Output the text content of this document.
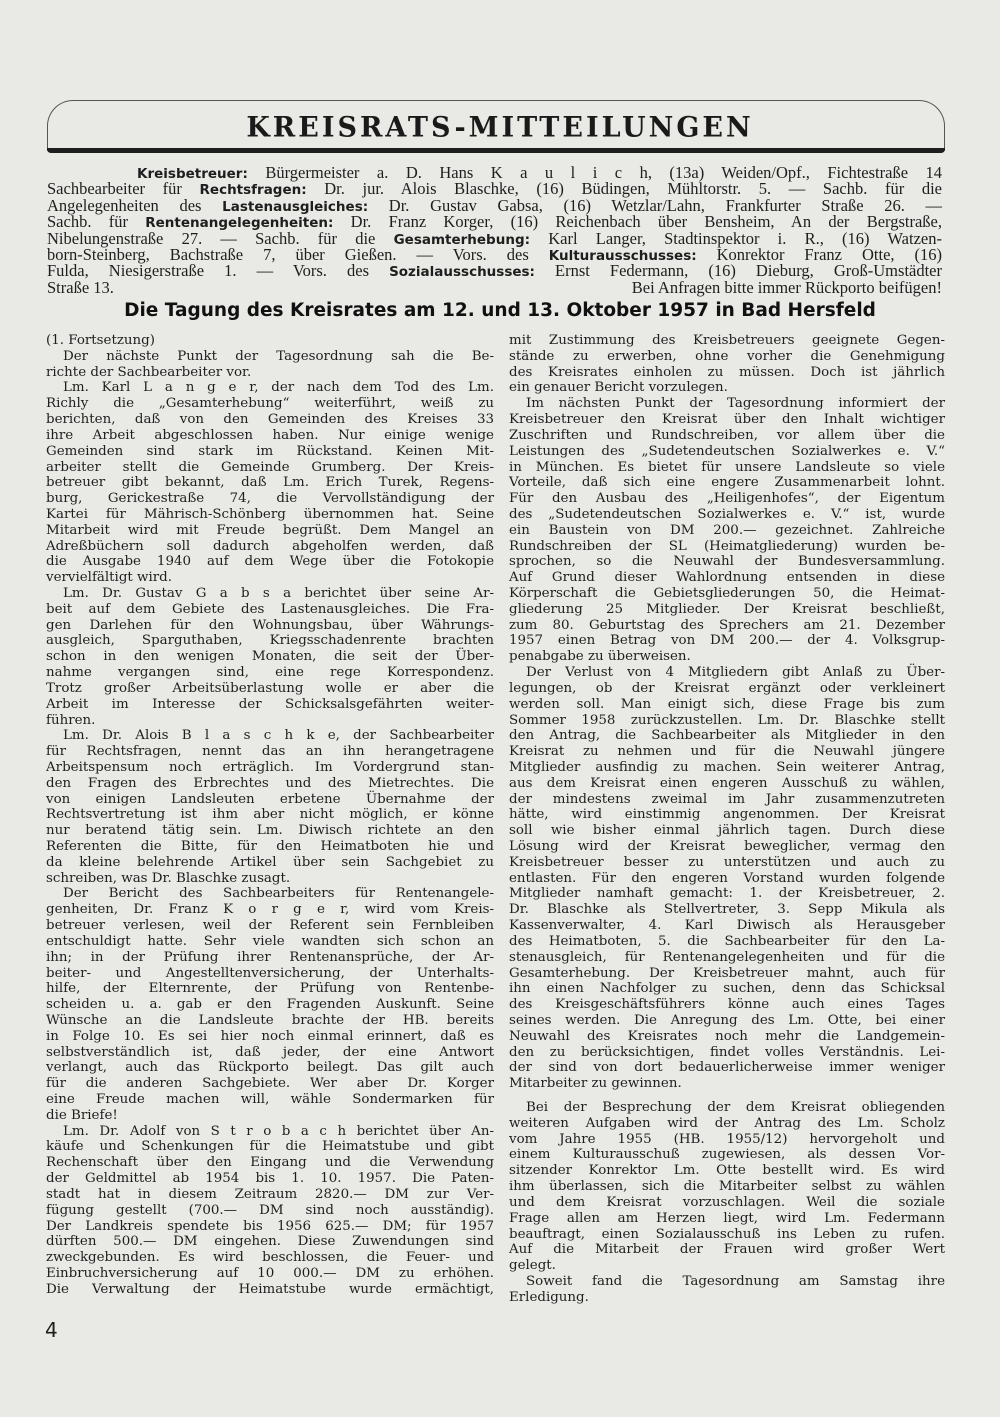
KREISRATS-MITTEILUNGEN
Kreisbetreuer: Bürgermeister a. D. Hans K a u l i c h, (13a) Weiden/Opf., Fichtestraße 14
Sachbearbeiter für Rechtsfragen: Dr. jur. Alois Blaschke, (16) Büdingen, Mühltorstr. 5. — Sachb. für die
Angelegenheiten des Lastenausgleiches: Dr. Gustav Gabsa, (16) Wetzlar/Lahn, Frankfurter Straße 26. —
Sachb. für Rentenangelegenheiten: Dr. Franz Korger, (16) Reichenbach über Bensheim, An der Bergstraße,
Nibelungenstraße 27. — Sachb. für die Gesamterhebung: Karl Langer, Stadtinspektor i. R., (16) Watzen-
born-Steinberg, Bachstraße 7, über Gießen. — Vors. des Kulturausschusses: Konrektor Franz Otte, (16)
Fulda, Niesigerstraße 1. — Vors. des Sozialausschusses: Ernst Federmann, (16) Dieburg, Groß-Umstädter
Straße 13.	Bei Anfragen bitte immer Rückporto beifügen!
Die Tagung des Kreisrates am 12. und 13. Oktober 1957 in Bad Hersfeld
(1. Fortsetzung)
Der nächste Punkt der Tagesordnung sah die Be-
richte der Sachbearbeiter vor.
Lm. Karl L a n g e r, der nach dem Tod des Lm.
Richly die „Gesamterhebung“ weiterführt, weiß zu
berichten, daß von den Gemeinden des Kreises 33
ihre Arbeit abgeschlossen haben. Nur einige wenige
Gemeinden sind stark im Rückstand. Keinen Mit-
arbeiter stellt die Gemeinde Grumberg. Der Kreis-
betreuer gibt bekannt, daß Lm. Erich Turek, Regens-
burg, Gerickestraße 74, die Vervollständigung der
Kartei für Mährisch-Schönberg übernommen hat. Seine
Mitarbeit wird mit Freude begrüßt. Dem Mangel an
Adreßbüchern soll dadurch abgeholfen werden, daß
die Ausgabe 1940 auf dem Wege über die Fotokopie
vervielfältigt wird.
Lm. Dr. Gustav G a b s a berichtet über seine Ar-
beit auf dem Gebiete des Lastenausgleiches. Die Fra-
gen Darlehen für den Wohnungsbau, über Währungs-
ausgleich, Sparguthaben, Kriegsschadenrente brachten
schon in den wenigen Monaten, die seit der Über-
nahme vergangen sind, eine rege Korrespondenz.
Trotz großer Arbeitsüberlastung wolle er aber die
Arbeit im Interesse der Schicksalsgefährten weiter-
führen.
Lm. Dr. Alois B l a s c h k e, der Sachbearbeiter
für Rechtsfragen, nennt das an ihn herangetragene
Arbeitspensum noch erträglich. Im Vordergrund stan-
den Fragen des Erbrechtes und des Mietrechtes. Die
von einigen Landsleuten erbetene Übernahme der
Rechtsvertretung ist ihm aber nicht möglich, er könne
nur beratend tätig sein. Lm. Diwisch richtete an den
Referenten die Bitte, für den Heimatboten hie und
da kleine belehrende Artikel über sein Sachgebiet zu
schreiben, was Dr. Blaschke zusagt.
Der Bericht des Sachbearbeiters für Rentenangele-
genheiten, Dr. Franz K o r g e r, wird vom Kreis-
betreuer verlesen, weil der Referent sein Fernbleiben
entschuldigt hatte. Sehr viele wandten sich schon an
ihn; in der Prüfung ihrer Rentenansprüche, der Ar-
beiter- und Angestelltenversicherung, der Unterhalts-
hilfe, der Elternrente, der Prüfung von Rentenbe-
scheiden u. a. gab er den Fragenden Auskunft. Seine
Wünsche an die Landsleute brachte der HB. bereits
in Folge 10. Es sei hier noch einmal erinnert, daß es
selbstverständlich ist, daß jeder, der eine Antwort
verlangt, auch das Rückporto beilegt. Das gilt auch
für die anderen Sachgebiete. Wer aber Dr. Korger
eine Freude machen will, wähle Sondermarken für
die Briefe!
Lm. Dr. Adolf von S t r o b a c h berichtet über An-
käufe und Schenkungen für die Heimatstube und gibt
Rechenschaft über den Eingang und die Verwendung
der Geldmittel ab 1954 bis 1. 10. 1957. Die Paten-
stadt hat in diesem Zeitraum 2820.— DM zur Ver-
fügung gestellt (700.— DM sind noch ausständig).
Der Landkreis spendete bis 1956 625.— DM; für 1957
dürften 500.— DM eingehen. Diese Zuwendungen sind
zweckgebunden. Es wird beschlossen, die Feuer- und
Einbruchversicherung auf 10 000.— DM zu erhöhen.
Die Verwaltung der Heimatstube wurde ermächtigt,
mit Zustimmung des Kreisbetreuers geeignete Gegen-
stände zu erwerben, ohne vorher die Genehmigung
des Kreisrates einholen zu müssen. Doch ist jährlich
ein genauer Bericht vorzulegen.
Im nächsten Punkt der Tagesordnung informiert der
Kreisbetreuer den Kreisrat über den Inhalt wichtiger
Zuschriften und Rundschreiben, vor allem über die
Leistungen des „Sudetendeutschen Sozialwerkes e. V.“
in München. Es bietet für unsere Landsleute so viele
Vorteile, daß sich eine engere Zusammenarbeit lohnt.
Für den Ausbau des „Heiligenhofes“, der Eigentum
des „Sudetendeutschen Sozialwerkes e. V.“ ist, wurde
ein Baustein von DM 200.— gezeichnet. Zahlreiche
Rundschreiben der SL (Heimatgliederung) wurden be-
sprochen, so die Neuwahl der Bundesversammlung.
Auf Grund dieser Wahlordnung entsenden in diese
Körperschaft die Gebietsgliederungen 50, die Heimat-
gliederung 25 Mitglieder. Der Kreisrat beschließt,
zum 80. Geburtstag des Sprechers am 21. Dezember
1957 einen Betrag von DM 200.— der 4. Volksgrup-
penabgabe zu überweisen.
Der Verlust von 4 Mitgliedern gibt Anlaß zu Über-
legungen, ob der Kreisrat ergänzt oder verkleinert
werden soll. Man einigt sich, diese Frage bis zum
Sommer 1958 zurückzustellen. Lm. Dr. Blaschke stellt
den Antrag, die Sachbearbeiter als Mitglieder in den
Kreisrat zu nehmen und für die Neuwahl jüngere
Mitglieder ausfindig zu machen. Sein weiterer Antrag,
aus dem Kreisrat einen engeren Ausschuß zu wählen,
der mindestens zweimal im Jahr zusammenzutreten
hätte, wird einstimmig angenommen. Der Kreisrat
soll wie bisher einmal jährlich tagen. Durch diese
Lösung wird der Kreisrat beweglicher, vermag den
Kreisbetreuer besser zu unterstützen und auch zu
entlasten. Für den engeren Vorstand wurden folgende
Mitglieder namhaft gemacht: 1. der Kreisbetreuer, 2.
Dr. Blaschke als Stellvertreter, 3. Sepp Mikula als
Kassenverwalter, 4. Karl Diwisch als Herausgeber
des Heimatboten, 5. die Sachbearbeiter für den La-
stenausgleich, für Rentenangelegenheiten und für die
Gesamterhebung. Der Kreisbetreuer mahnt, auch für
ihn einen Nachfolger zu suchen, denn das Schicksal
des Kreisgeschäftsführers könne auch eines Tages
seines werden. Die Anregung des Lm. Otte, bei einer
Neuwahl des Kreisrates noch mehr die Landgemein-
den zu berücksichtigen, findet volles Verständnis. Lei-
der sind von dort bedauerlicherweise immer weniger
Mitarbeiter zu gewinnen.
Bei der Besprechung der dem Kreisrat obliegenden
weiteren Aufgaben wird der Antrag des Lm. Scholz
vom Jahre 1955 (HB. 1955/12) hervorgeholt und
einem Kulturausschuß zugewiesen, als dessen Vor-
sitzender Konrektor Lm. Otte bestellt wird. Es wird
ihm überlassen, sich die Mitarbeiter selbst zu wählen
und dem Kreisrat vorzuschlagen. Weil die soziale
Frage allen am Herzen liegt, wird Lm. Federmann
beauftragt, einen Sozialausschuß ins Leben zu rufen.
Auf die Mitarbeit der Frauen wird großer Wert
gelegt.
Soweit fand die Tagesordnung am Samstag ihre
Erledigung.
4
